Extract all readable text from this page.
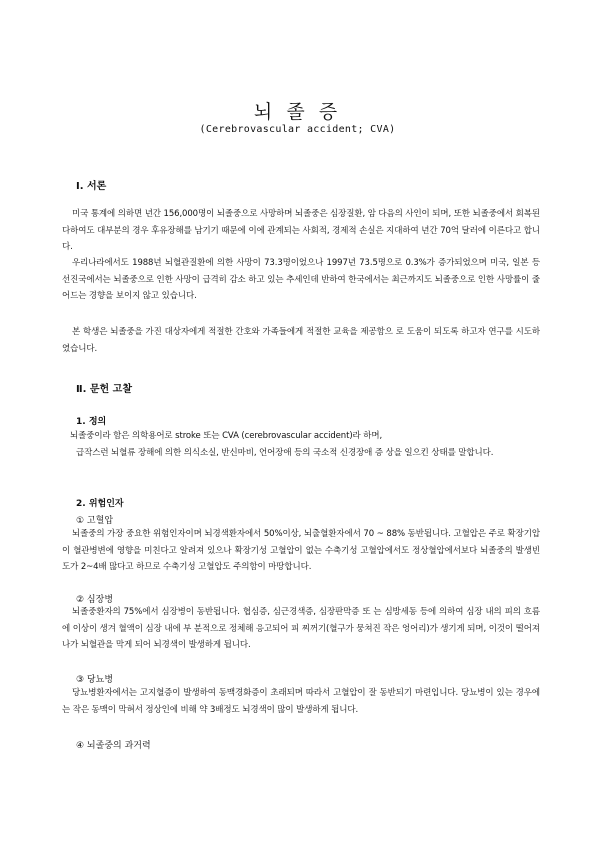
뇌 졸 증
(Cerebrovascular accident; CVA)
Ⅰ. 서론

미국 통계에 의하면 년간 156,000명이 뇌졸중으로 사망하며 뇌졸중은 심장질환, 암 다음의 사인이 되며, 또한 뇌졸중에서 회복된다하여도 대부분의 경우 후유장해를 남기기 때문에 이에 관계되는 사회적, 경제적 손실은 지대하여 년간 70억 달러에 이른다고 합니 다.

우리나라에서도 1988년 뇌혈관질환에 의한 사망이 73.3명이었으나 1997년 73.5명으로 0.3%가 증가되었으며 미국, 일본 등 선진국에서는 뇌졸중으로 인한 사망이 급격히 감소 하고 있는 추세인데 반하여 한국에서는 최근까지도 뇌졸중으로 인한 사망률이 줄어드는 경향을 보이지 않고 있습니다.

본 학생은 뇌졸중을 가진 대상자에게 적절한 간호와 가족들에게 적절한 교육을 제공함으 로 도움이 되도록 하고자 연구를 시도하였습니다.

Ⅱ. 문헌 고찰
1. 정의

뇌졸중이라 함은 의학용어로 stroke 또는 CVA (cerebrovascular accident)라 하며,

급작스런 뇌혈류 장해에 의한 의식소실, 반신마비, 언어장애 등의 국소적 신경장애 증 상을 일으킨 상태를 말합니다.

2. 위험인자
① 고혈압

뇌졸중의 가장 중요한 위험인자이며 뇌경색환자에서 50%이상, 뇌출혈환자에서 70 ~ 88% 동반됩니다. 고혈압은 주로 확장기압이 혈관병변에 영향을 미친다고 알려져 있으나 확장기성 고혈압이 없는 수축기성 고혈압에서도 정상혈압에서보다 뇌졸중의 발생빈도가 2~4배 많다고 하므로 수축기성 고혈압도 주의함이 마땅합니다.

② 심장병

뇌졸중환자의 75%에서 심장병이 동반됩니다. 협심증, 심근경색증, 심장판막증 또 는 심방세동 등에 의하여 심장 내의 피의 흐름에 이상이 생겨 혈액이 심장 내에 부 분적으로 정체해 응고되어 피 찌꺼기(혈구가 뭉쳐진 작은 엉어리)가 생기게 되며, 이것이 떨어져나가 뇌혈관을 막게 되어 뇌경색이 발생하게 됩니다.

③ 당뇨병

당뇨병환자에서는 고지혈증이 발생하여 동맥경화증이 초래되며 따라서 고혈압이 잘 동반되기 마련입니다. 당뇨병이 있는 경우에는 작은 동맥이 막혀서 정상인에 비해 약 3배정도 뇌경색이 많이 발생하게 됩니다.

④ 뇌졸중의 과거력
